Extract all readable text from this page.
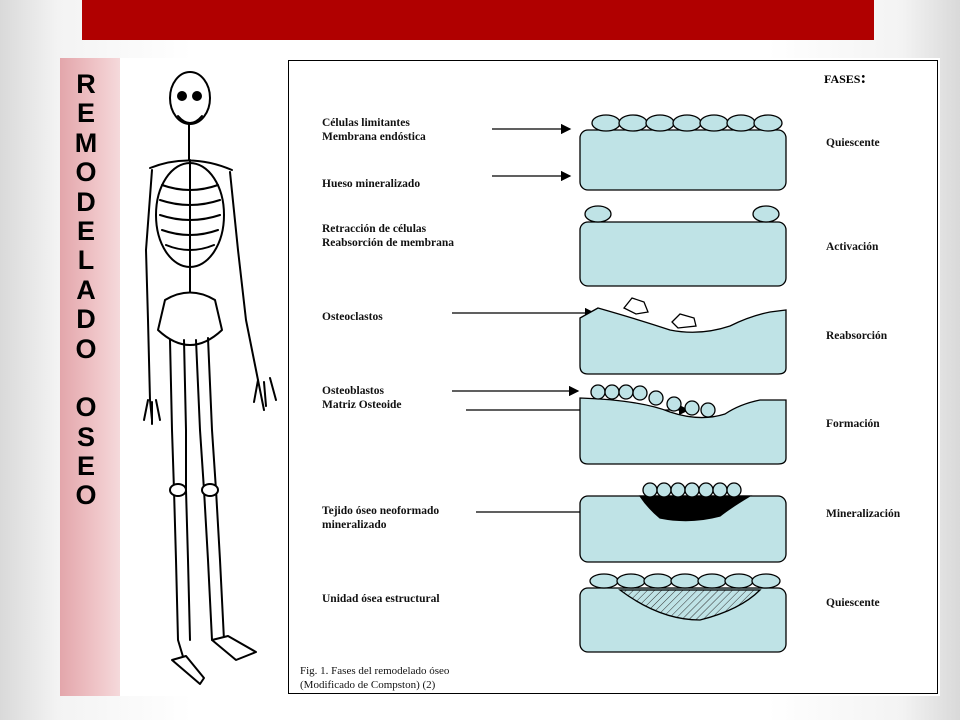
R
E
M
O
D
E
L
A
D
O
O
S
E
O
Células limitantes
Membrana endóstica
Hueso mineralizado
Retracción de células
Reabsorción de membrana
Osteoclastos
Osteoblastos
Matriz Osteoide
Tejido óseo neoformado
mineralizado
Unidad ósea estructural
FASES:
Quiescente
Activación
Reabsorción
Formación
Mineralización
Quiescente
Fig. 1. Fases del remodelado óseo
(Modificado de Compston) (2)
